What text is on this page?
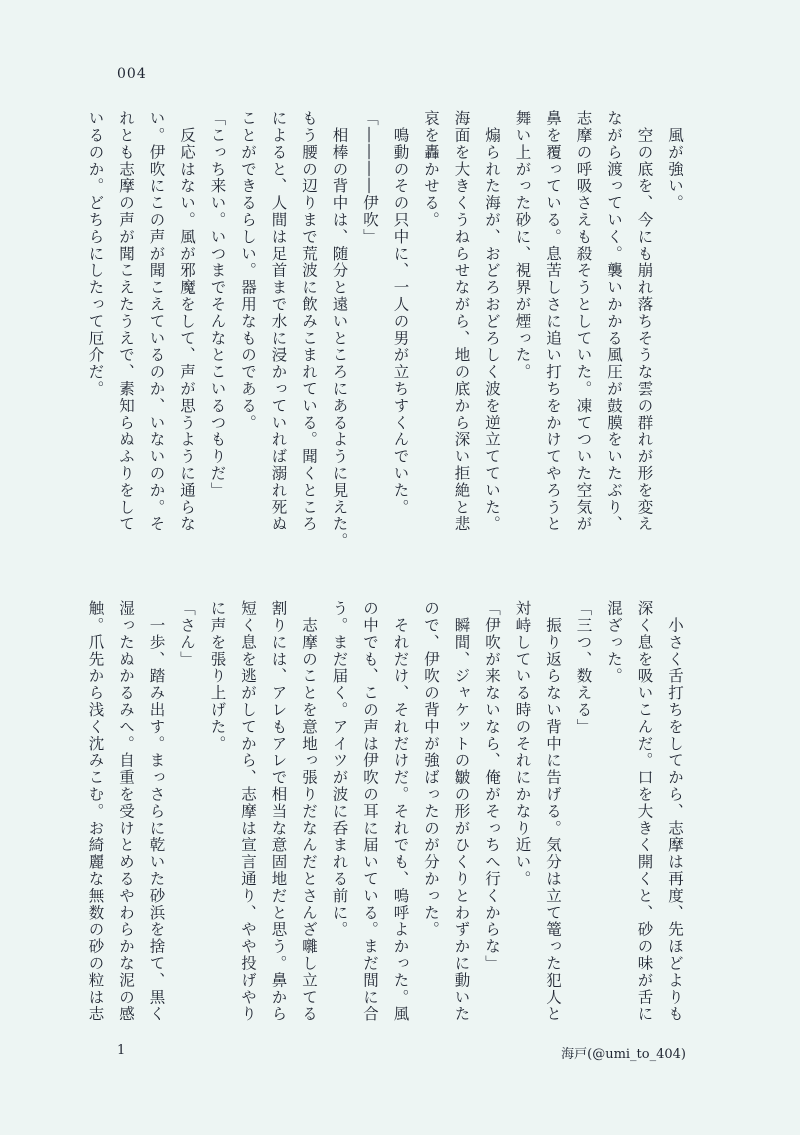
004
　風が強い。
　空の底を、今にも崩れ落ちそうな雲の群れが形を変え
ながら渡っていく。襲いかかる風圧が鼓膜をいたぶり、
志摩の呼吸さえも殺そうとしていた。凍てついた空気が
鼻を覆っている。息苦しさに追い打ちをかけてやろうと
舞い上がった砂に、視界が煙った。
　煽られた海が、おどろおどろしく波を逆立てていた。
海面を大きくうねらせながら、地の底から深い拒絶と悲
哀を轟かせる。
　鳴動のその只中に、一人の男が立ちすくんでいた。
「――――伊吹」
　相棒の背中は、随分と遠いところにあるように見えた。
もう腰の辺りまで荒波に飲みこまれている。聞くところ
によると、人間は足首まで水に浸かっていれば溺れ死ぬ
ことができるらしい。器用なものである。
「こっち来い。いつまでそんなとこいるつもりだ」
　反応はない。風が邪魔をして、声が思うように通らな
い。伊吹にこの声が聞こえているのか、いないのか。そ
れとも志摩の声が聞こえたうえで、素知らぬふりをして
いるのか。どちらにしたって厄介だ。
　小さく舌打ちをしてから、志摩は再度、先ほどよりも
深く息を吸いこんだ。口を大きく開くと、砂の味が舌に
混ざった。
「三つ、数える」
　振り返らない背中に告げる。気分は立て篭った犯人と
対峙している時のそれにかなり近い。
「伊吹が来ないなら、俺がそっちへ行くからな」
　瞬間、ジャケットの皺の形がひくりとわずかに動いた
ので、伊吹の背中が強ばったのが分かった。
　それだけ、それだけだ。それでも、嗚呼よかった。風
の中でも、この声は伊吹の耳に届いている。まだ間に合
う。まだ届く。アイツが波に呑まれる前に。
　志摩のことを意地っ張りだなんだとさんざ囃し立てる
割りには、アレもアレで相当な意固地だと思う。鼻から
短く息を逃がしてから、志摩は宣言通り、やや投げやり
に声を張り上げた。
「さん」
　一歩、踏み出す。まっさらに乾いた砂浜を捨て、黒く
湿ったぬかるみへ。自重を受けとめるやわらかな泥の感
触。爪先から浅く沈みこむ。お綺麗な無数の砂の粒は志
1	海戸(@umi_to_404)
